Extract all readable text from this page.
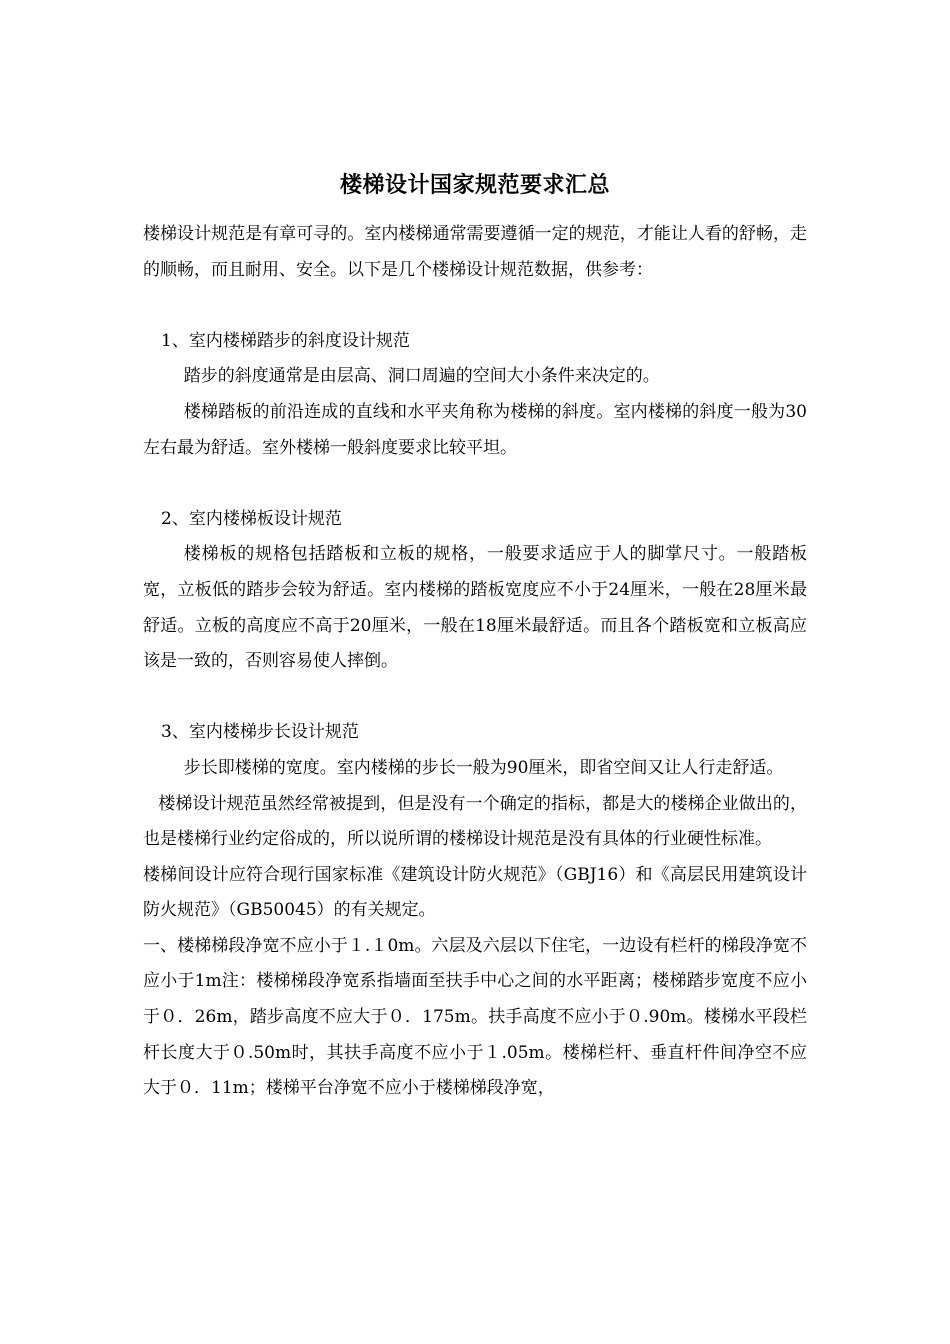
楼梯设计国家规范要求汇总

楼梯设计规范是有章可寻的。室内楼梯通常需要遵循一定的规范，才能让人看的舒畅，走的顺畅，而且耐用、安全。以下是几个楼梯设计规范数据，供参考：

1、室内楼梯踏步的斜度设计规范

踏步的斜度通常是由层高、洞口周遍的空间大小条件来决定的。

楼梯踏板的前沿连成的直线和水平夹角称为楼梯的斜度。室内楼梯的斜度一般为30左右最为舒适。室外楼梯一般斜度要求比较平坦。

2、室内楼梯板设计规范

楼梯板的规格包括踏板和立板的规格，一般要求适应于人的脚掌尺寸。一般踏板宽，立板低的踏步会较为舒适。室内楼梯的踏板宽度应不小于24厘米，一般在28厘米最舒适。立板的高度应不高于20厘米，一般在18厘米最舒适。而且各个踏板宽和立板高应该是一致的，否则容易使人摔倒。

3、室内楼梯步长设计规范

步长即楼梯的宽度。室内楼梯的步长一般为90厘米，即省空间又让人行走舒适。

楼梯设计规范虽然经常被提到，但是没有一个确定的指标，都是大的楼梯企业做出的，也是楼梯行业约定俗成的，所以说所谓的楼梯设计规范是没有具体的行业硬性标准。

楼梯间设计应符合现行国家标准《建筑设计防火规范》（GBJ16）和《高层民用建筑设计防火规范》（GB50045）的有关规定。

一、楼梯梯段净宽不应小于１.１0m。六层及六层以下住宅，一边设有栏杆的梯段净宽不应小于1m注：楼梯梯段净宽系指墙面至扶手中心之间的水平距离；楼梯踏步宽度不应小于０．26m，踏步高度不应大于０．175m。扶手高度不应小于０.90m。楼梯水平段栏杆长度大于０.50m时，其扶手高度不应小于１.05m。楼梯栏杆、垂直杆件间净空不应大于０．11m；楼梯平台净宽不应小于楼梯梯段净宽，
